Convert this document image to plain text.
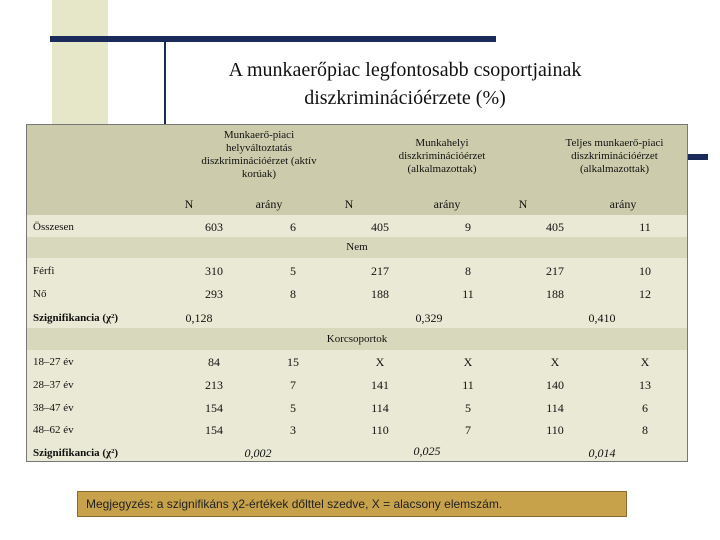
A munkaerőpiac legfontosabb csoportjainak diszkriminációérzete (%)
Munkaerő-piaci helyváltoztatás diszkriminációérzet (aktív korúak)
Munkahelyi diszkriminációérzet (alkalmazottak)
Teljes munkaerő-piaci diszkriminációérzet (alkalmazottak)
N	arány	N	arány	N	arány
Összesen	603	6	405	9	405	11
Nem
Férfi	310	5	217	8	217	10
Nő	293	8	188	11	188	12
Szignifikancia (χ²)	0,128	0,329	0,410
Korcsoportok
18–27 év	84	15	X	X	X	X
28–37 év	213	7	141	11	140	13
38–47 év	154	5	114	5	114	6
48–62 év	154	3	110	7	110	8
Szignifikancia (χ²)	0,002	0,025	0,014
Megjegyzés: a szignifikáns χ2-értékek dőlttel szedve, X = alacsony elemszám.
